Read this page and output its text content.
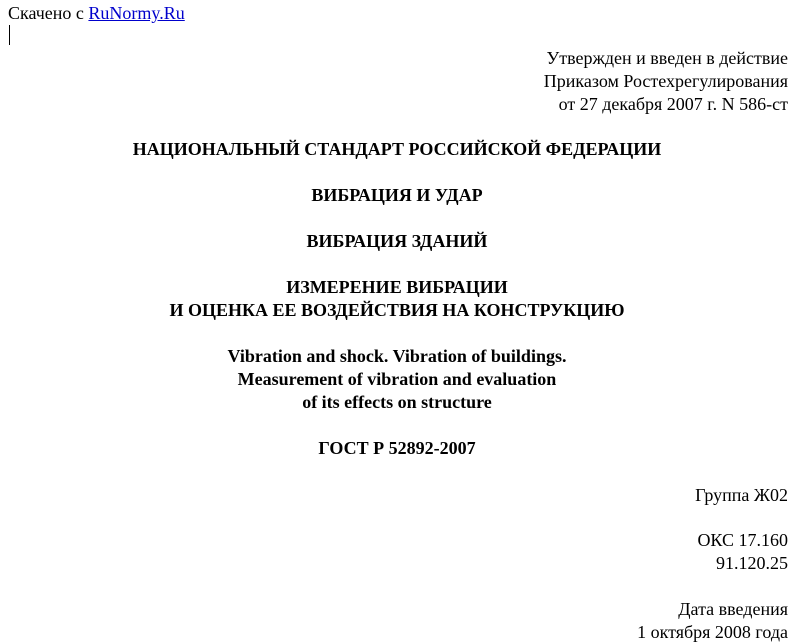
Скачено с RuNormy.Ru
Утвержден и введен в действие
Приказом Ростехрегулирования
от 27 декабря 2007 г. N 586-ст
НАЦИОНАЛЬНЫЙ СТАНДАРТ РОССИЙСКОЙ ФЕДЕРАЦИИ
ВИБРАЦИЯ И УДАР
ВИБРАЦИЯ ЗДАНИЙ
ИЗМЕРЕНИЕ ВИБРАЦИИ
И ОЦЕНКА ЕЕ ВОЗДЕЙСТВИЯ НА КОНСТРУКЦИЮ
Vibration and shock. Vibration of buildings.
Measurement of vibration and evaluation
of its effects on structure
ГОСТ Р 52892-2007
Группа Ж02
ОКС 17.160
91.120.25
Дата введения
1 октября 2008 года
